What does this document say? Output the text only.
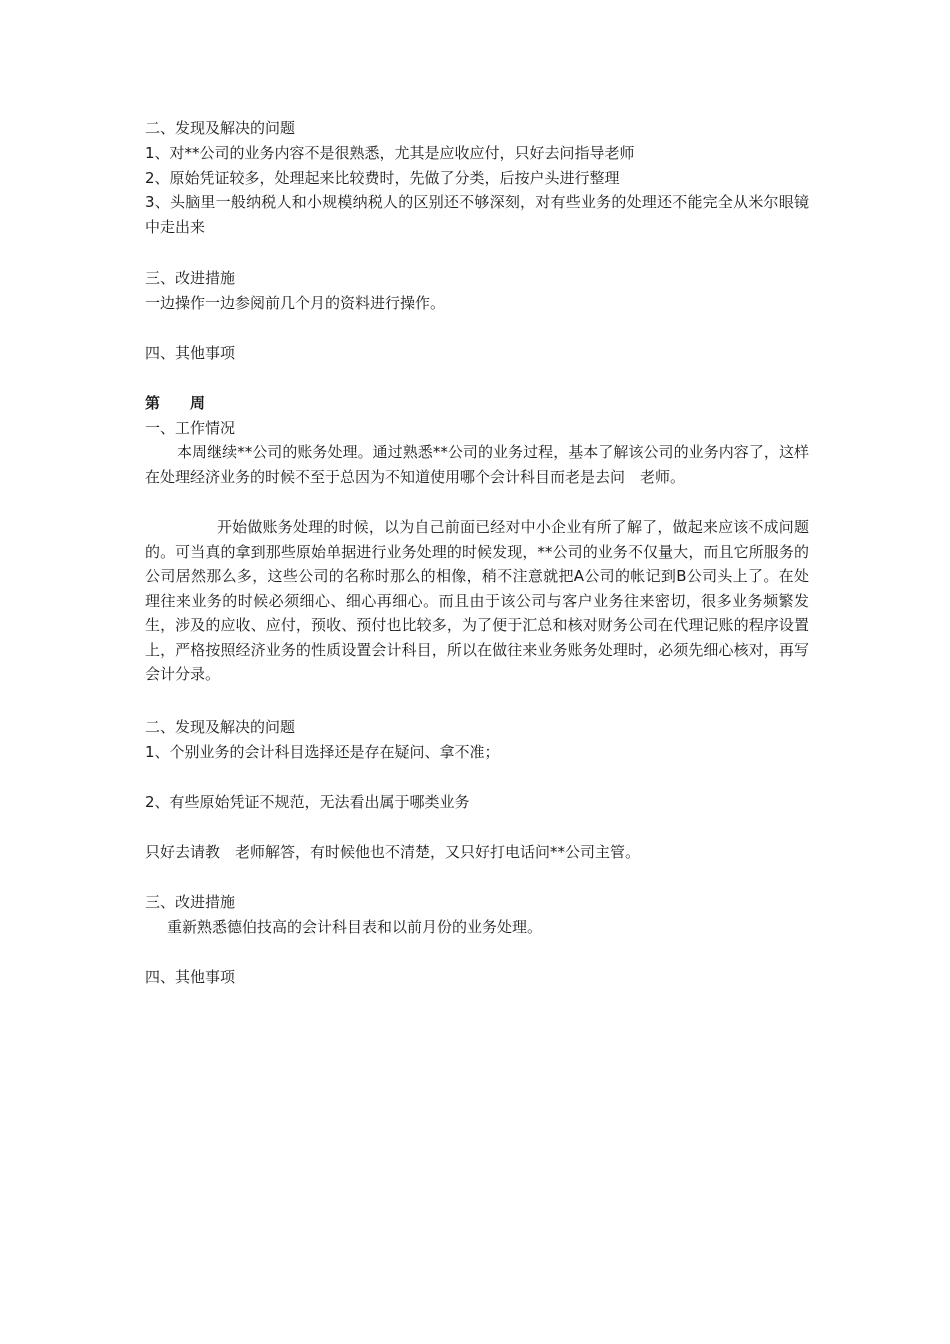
二、发现及解决的问题
1、对**公司的业务内容不是很熟悉，尤其是应收应付，只好去问指导老师
2、原始凭证较多，处理起来比较费时，先做了分类，后按户头进行整理
3、头脑里一般纳税人和小规模纳税人的区别还不够深刻，对有些业务的处理还不能完全从米尔眼镜中走出来
三、改进措施
一边操作一边参阅前几个月的资料进行操作。
四、其他事项
第　　周
一、工作情况
本周继续**公司的账务处理。通过熟悉**公司的业务过程，基本了解该公司的业务内容了，这样在处理经济业务的时候不至于总因为不知道使用哪个会计科目而老是去问　老师。
开始做账务处理的时候，以为自己前面已经对中小企业有所了解了，做起来应该不成问题的。可当真的拿到那些原始单据进行业务处理的时候发现，**公司的业务不仅量大，而且它所服务的公司居然那么多，这些公司的名称时那么的相像，稍不注意就把A公司的帐记到B公司头上了。在处理往来业务的时候必须细心、细心再细心。而且由于该公司与客户业务往来密切，很多业务频繁发生，涉及的应收、应付，预收、预付也比较多，为了便于汇总和核对财务公司在代理记账的程序设置上，严格按照经济业务的性质设置会计科目，所以在做往来业务账务处理时，必须先细心核对，再写会计分录。
二、发现及解决的问题
1、个别业务的会计科目选择还是存在疑问、拿不准；
2、有些原始凭证不规范，无法看出属于哪类业务
只好去请教　老师解答，有时候他也不清楚，又只好打电话问**公司主管。
三、改进措施
重新熟悉德伯技高的会计科目表和以前月份的业务处理。
四、其他事项
